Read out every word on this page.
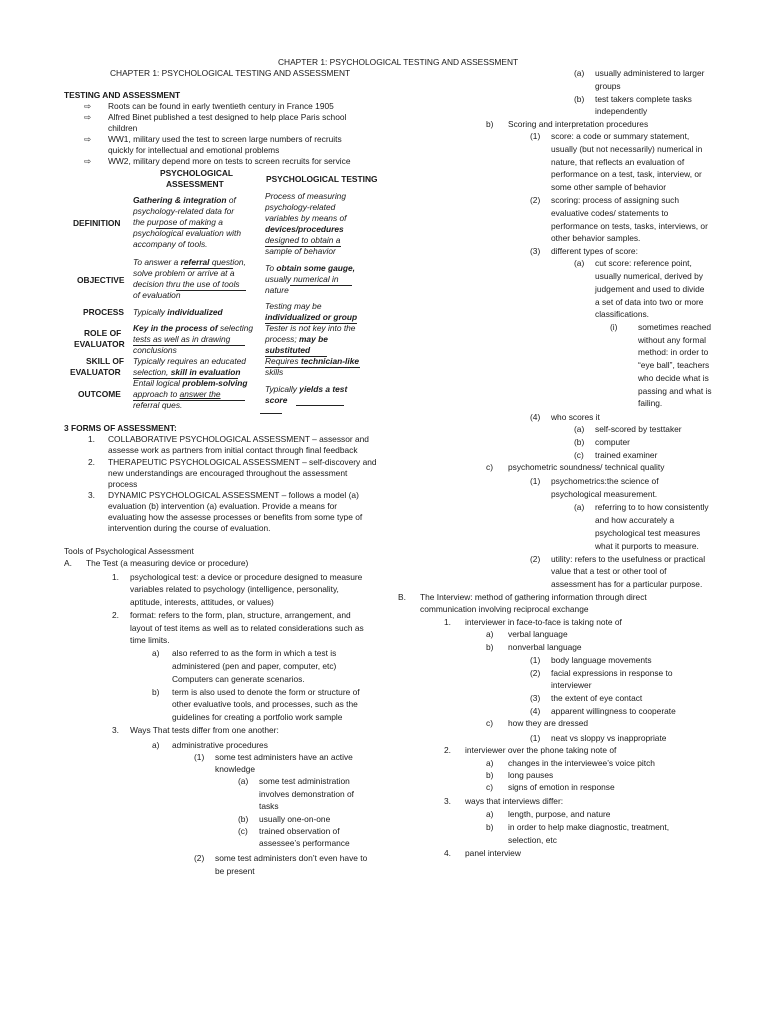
CHAPTER 1: PSYCHOLOGICAL TESTING AND ASSESSMENT
CHAPTER 1: PSYCHOLOGICAL TESTING AND ASSESSMENT
TESTING AND ASSESSMENT
⇨ Roots can be found in early twentieth century in France 1905
⇨ Alfred Binet published a test designed to help place Paris school
children
⇨ WW1, military used the test to screen large numbers of recruits
quickly for intellectual and emotional problems
⇨ WW2, military depend more on tests to screen recruits for service
PSYCHOLOGICAL
ASSESSMENT	PSYCHOLOGICAL TESTING
DEFINITION
Gathering & integration of
psychology-related data for
the purpose of making a
psychological evaluation with
accompany of tools.
Process of measuring
psychology-related
variables by means of
devices/procedures
designed to obtain a
sample of behavior
OBJECTIVE
To answer a referral question,
solve problem or arrive at a
decision thru the use of tools
of evaluation
To obtain some gauge,
usually numerical in
nature
PROCESS Typically individualized
Testing may be
individualized or group
ROLE OF
EVALUATOR
Key in the process of selecting
tests as well as in drawing
conclusions
Tester is not key into the
process; may be
substituted
SKILL OF
EVALUATOR
Typically requires an educated
selection, skill in evaluation
Requires technician-like
skills
OUTCOME
Entail logical problem-solving
approach to answer the
referral ques.
Typically yields a test
score
3 FORMS OF ASSESSMENT:
1. COLLABORATIVE PSYCHOLOGICAL ASSESSMENT – assessor and
assesse work as partners from initial contact through final feedback
2. THERAPEUTIC PSYCHOLOGICAL ASSESSMENT – self-discovery and
new understandings are encouraged throughout the assessment
process
3. DYNAMIC PSYCHOLOGICAL ASSESSMENT – follows a model (a)
evaluation (b) intervention (a) evaluation. Provide a means for
evaluating how the assesse processes or benefits from some type of
intervention during the course of evaluation.
Tools of Psychological Assessment
A. The Test (a measuring device or procedure)
1. psychological test: a device or procedure designed to measure
variables related to psychology (intelligence, personality,
aptitude, interests, attitudes, or values)
2. format: refers to the form, plan, structure, arrangement, and
layout of test items as well as to related considerations such as
time limits.
a) also referred to as the form in which a test is
administered (pen and paper, computer, etc)
Computers can generate scenarios.
b) term is also used to denote the form or structure of
other evaluative tools, and processes, such as the
guidelines for creating a portfolio work sample
3. Ways That tests differ from one another:
a) administrative procedures
(1) some test administers have an active
knowledge
(a) some test administration
involves demonstration of
tasks
(b) usually one-on-one
(c) trained observation of
assessee’s performance
(2) some test administers don’t even have to
be present
(a) usually administered to larger
groups
(b) test takers complete tasks
independently
b) Scoring and interpretation procedures
(1) score: a code or summary statement,
usually (but not necessarily) numerical in
nature, that reflects an evaluation of
performance on a test, task, interview, or
some other sample of behavior
(2) scoring: process of assigning such
evaluative codes/ statements to
performance on tests, tasks, interviews, or
other behavior samples.
(3) different types of score:
(a) cut score: reference point,
usually numerical, derived by
judgement and used to divide
a set of data into two or more
classifications.
(i) sometimes reached
without any formal
method: in order to
“eye ball”, teachers
who decide what is
passing and what is
failing.
(4) who scores it
(a) self-scored by testtaker
(b) computer
(c) trained examiner
c) psychometric soundness/ technical quality
(1) psychometrics:the science of
psychological measurement.
(a) referring to to how consistently
and how accurately a
psychological test measures
what it purports to measure.
(2) utility: refers to the usefulness or practical
value that a test or other tool of
assessment has for a particular purpose.
B. The Interview: method of gathering information through direct
communication involving reciprocal exchange
1. interviewer in face-to-face is taking note of
a) verbal language
b) nonverbal language
(1) body language movements
(2) facial expressions in response to
interviewer
(3) the extent of eye contact
(4) apparent willingness to cooperate
c) how they are dressed
(1) neat vs sloppy vs inappropriate
2. interviewer over the phone taking note of
a) changes in the interviewee’s voice pitch
b) long pauses
c) signs of emotion in response
3. ways that interviews differ:
a) length, purpose, and nature
b) in order to help make diagnostic, treatment,
selection, etc
4. panel interview
